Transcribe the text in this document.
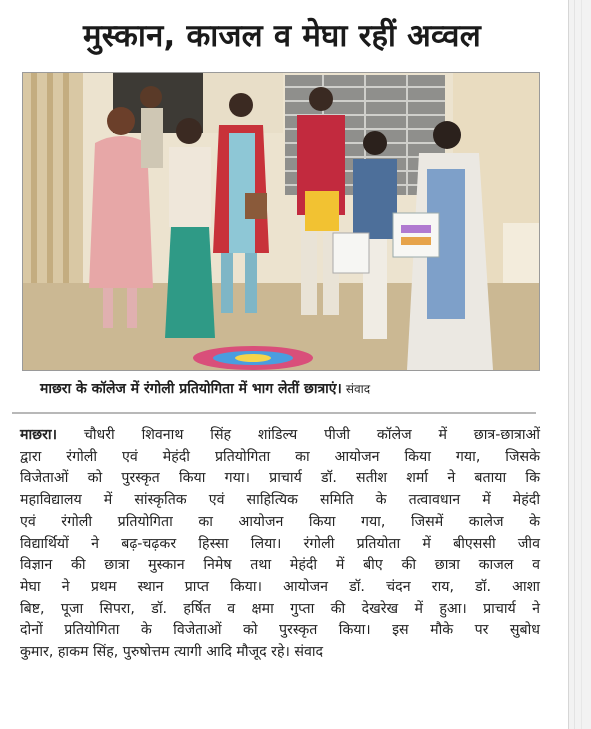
मुस्कान, काजल व मेघा रहीं अव्वल
माछरा के कॉलेज में रंगोली प्रतियोगिता में भाग लेतीं छात्राएं। संवाद
माछरा। चौधरी शिवनाथ सिंह शांडिल्य पीजी कॉलेज में छात्र-छात्राओं
द्वारा रंगोली एवं मेहंदी प्रतियोगिता का आयोजन किया गया, जिसके
विजेताओं को पुरस्कृत किया गया। प्राचार्य डॉ. सतीश शर्मा ने बताया कि
महाविद्यालय में सांस्कृतिक एवं साहित्यिक समिति के तत्वावधान में मेहंदी
एवं रंगोली प्रतियोगिता का आयोजन किया गया, जिसमें कालेज के
विद्यार्थियों ने बढ़-चढ़कर हिस्सा लिया। रंगोली प्रतियोता में बीएससी जीव
विज्ञान की छात्रा मुस्कान निमेष तथा मेहंदी में बीए की छात्रा काजल व
मेघा ने प्रथम स्थान प्राप्त किया। आयोजन डॉ. चंदन राय, डॉ. आशा
बिष्ट, पूजा सिपरा, डॉ. हर्षित व क्षमा गुप्ता की देखरेख में हुआ। प्राचार्य ने
दोनों प्रतियोगिता के विजेताओं को पुरस्कृत किया। इस मौके पर सुबोध
कुमार, हाकम सिंह, पुरुषोत्तम त्यागी आदि मौजूद रहे। संवाद
